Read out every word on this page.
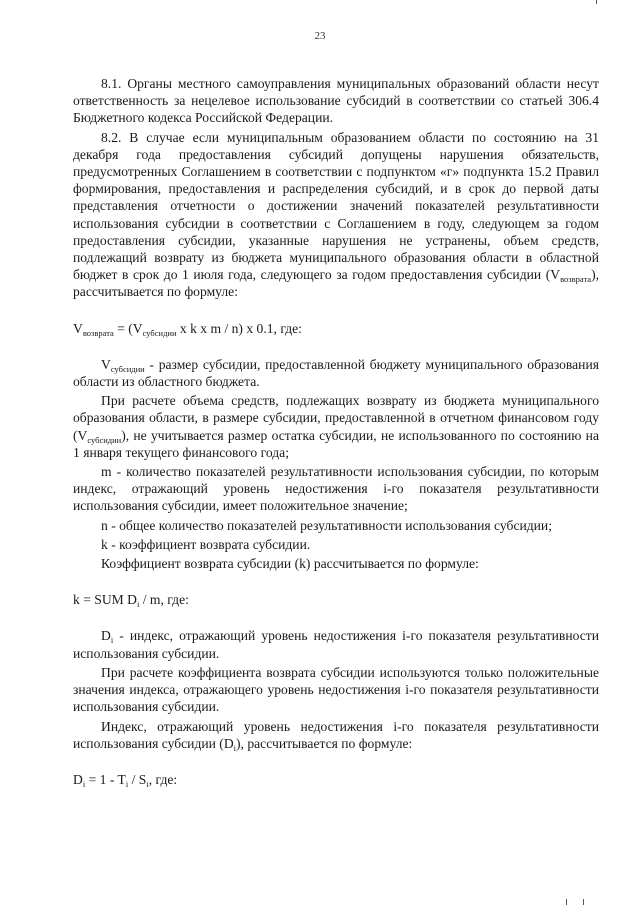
23

8.1. Органы местного самоуправления муниципальных образований области несут ответственность за нецелевое использование субсидий в соответствии со статьей 306.4 Бюджетного кодекса Российской Федерации.

8.2. В случае если муниципальным образованием области по состоянию на 31 декабря года предоставления субсидий допущены нарушения обязательств, предусмотренных Соглашением в соответствии с подпунктом «г» подпункта 15.2 Правил формирования, предоставления и распределения субсидий, и в срок до первой даты представления отчетности о достижении значений показателей результативности использования субсидии в соответствии с Соглашением в году, следующем за годом предоставления субсидии, указанные нарушения не устранены, объем средств, подлежащий возврату из бюджета муниципального образования области в областной бюджет в срок до 1 июля года, следующего за годом предоставления субсидии $(V_{возврата})$, рассчитывается по формуле:

$V_{возврата} = (V_{субсидии}$ x k x m / n) x 0.1, где:

$V_{субсидии}$ - размер субсидии, предоставленной бюджету муниципального образования области из областного бюджета.

При расчете объема средств, подлежащих возврату из бюджета муниципального образования области, в размере субсидии, предоставленной в отчетном финансовом году $(V_{субсидии})$, не учитывается размер остатка субсидии, не использованного по состоянию на 1 января текущего финансового года;

m - количество показателей результативности использования субсидии, по которым индекс, отражающий уровень недостижения i-го показателя результативности использования субсидии, имеет положительное значение;

n - общее количество показателей результативности использования субсидии;

k - коэффициент возврата субсидии.

Коэффициент возврата субсидии (k) рассчитывается по формуле:

k = SUM $D_i$ / m, где:

$D_i$ - индекс, отражающий уровень недостижения i-го показателя результативности использования субсидии.

При расчете коэффициента возврата субсидии используются только положительные значения индекса, отражающего уровень недостижения i-го показателя результативности использования субсидии.

Индекс, отражающий уровень недостижения i-го показателя результативности использования субсидии $(D_i)$, рассчитывается по формуле:

$D_i = 1 - T_i / S_i$, где:
